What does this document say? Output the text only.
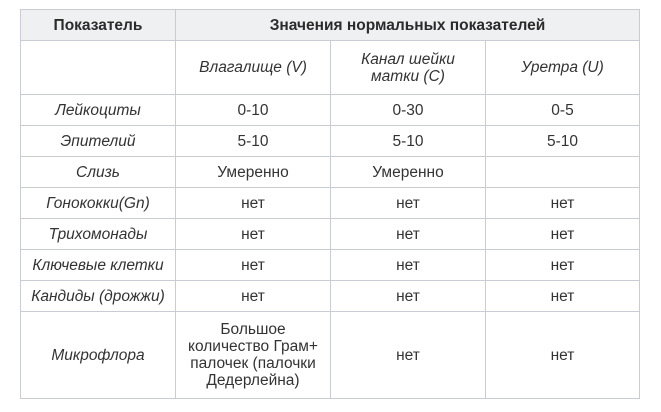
Показатель	Значения нормальных показателей		
	Влагалище (V)	Канал шейки матки (C)	Уретра (U)
Лейкоциты	0-10	0-30	0-5
Эпителий	5-10	5-10	5-10
Слизь	Умеренно	Умеренно	
Гонококки(Gn)	нет	нет	нет
Трихомонады	нет	нет	нет
Ключевые клетки	нет	нет	нет
Кандиды (дрожжи)	нет	нет	нет
Микрофлора	Большое количество Грам+ палочек (палочки Дедерлейна)	нет	нет
